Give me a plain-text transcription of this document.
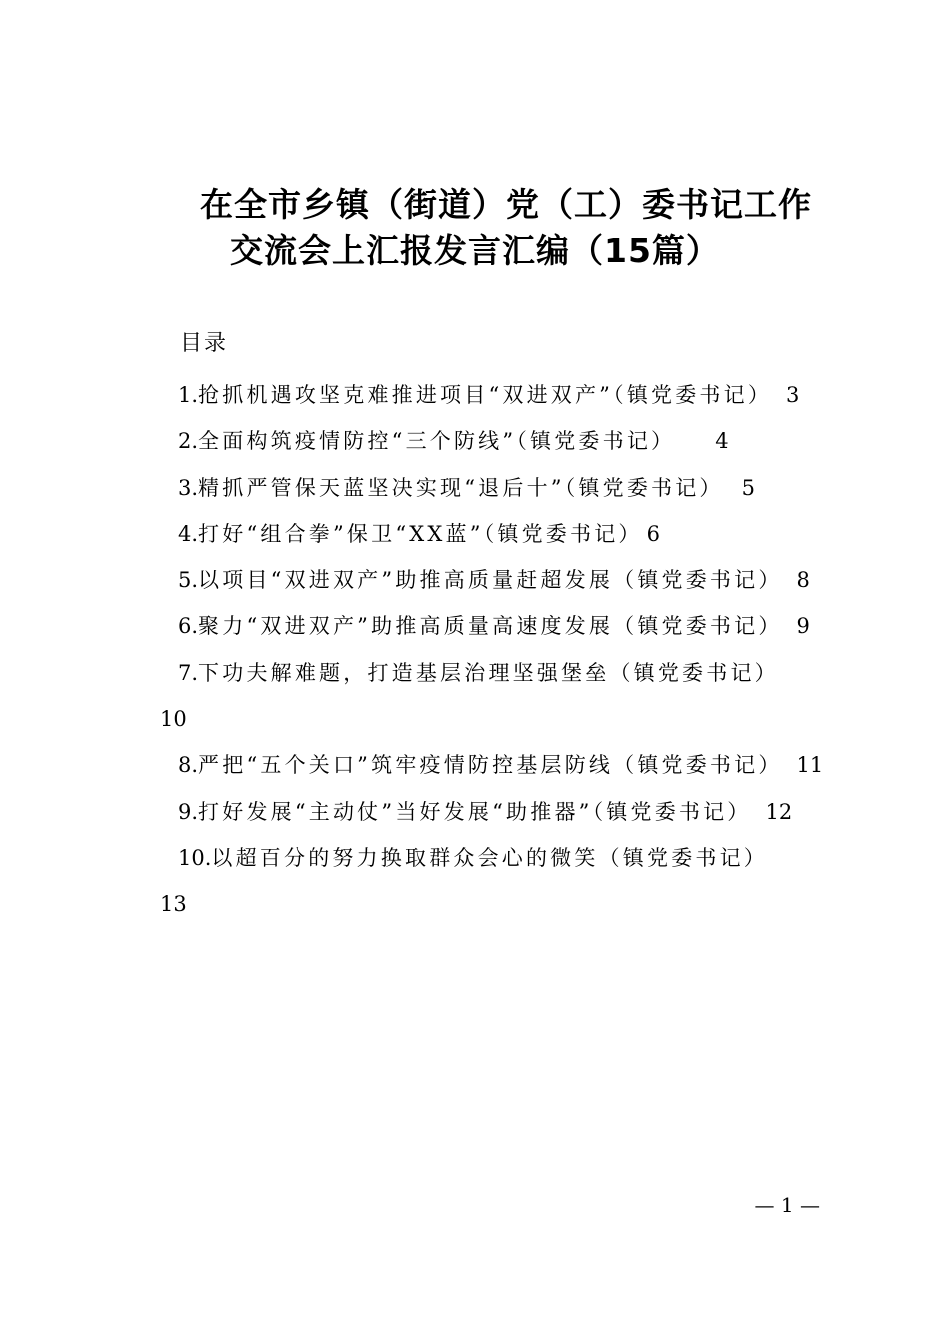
在全市乡镇（街道）党（工）委书记工作
交流会上汇报发言汇编（15篇）
目录
1.抢抓机遇攻坚克难推进项目“双进双产”（镇党委书记） 3
2.全面构筑疫情防控“三个防线”（镇党委书记） 4
3.精抓严管保天蓝坚决实现“退后十”（镇党委书记） 5
4.打好“组合拳”保卫“XX蓝”（镇党委书记） 6
5.以项目“双进双产”助推高质量赶超发展（镇党委书记） 8
6.聚力“双进双产”助推高质量高速度发展（镇党委书记） 9
7.下功夫解难题，打造基层治理坚强堡垒（镇党委书记）
10
8.严把“五个关口”筑牢疫情防控基层防线（镇党委书记） 11
9.打好发展“主动仗”当好发展“助推器”（镇党委书记） 12
10.以超百分的努力换取群众会心的微笑（镇党委书记）
13
— 1 —
